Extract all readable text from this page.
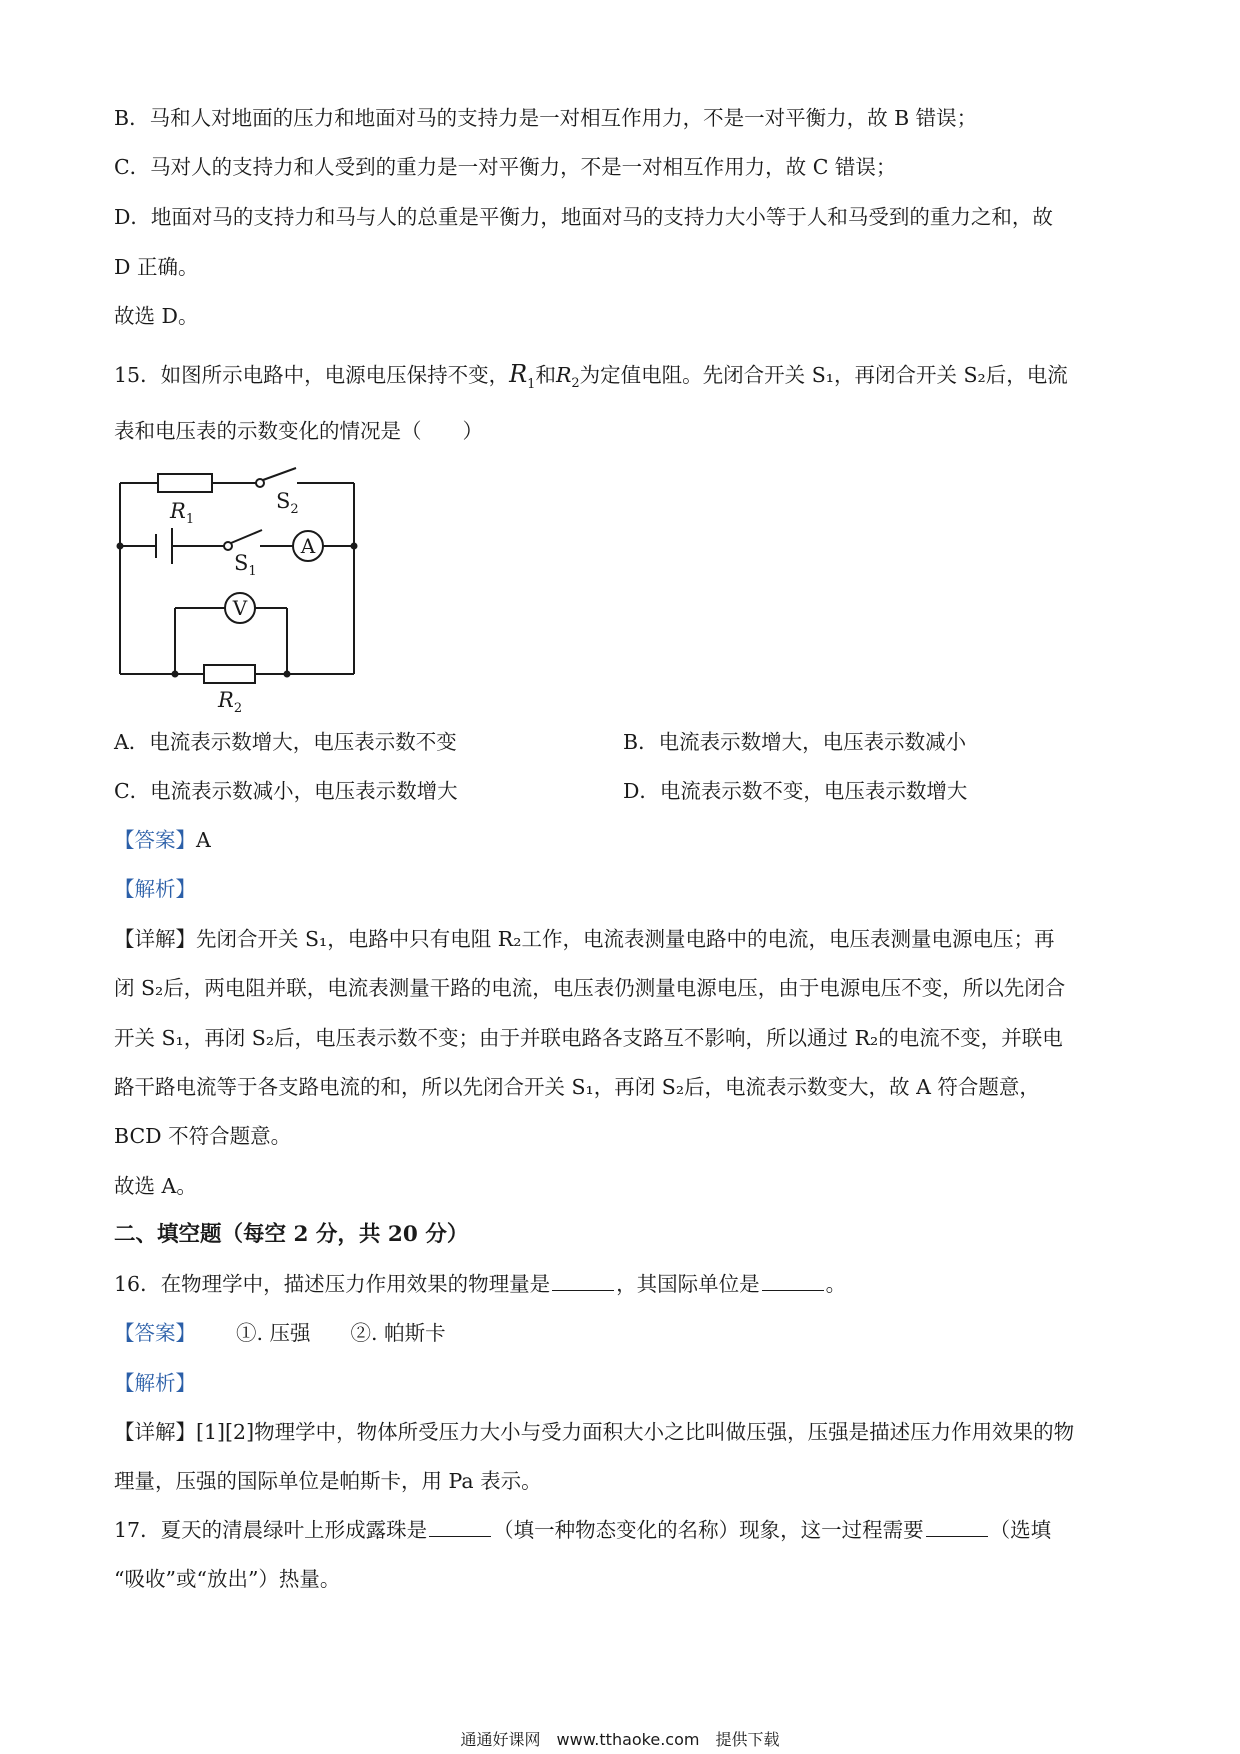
B．马和人对地面的压力和地面对马的支持力是一对相互作用力，不是一对平衡力，故 B 错误；
C．马对人的支持力和人受到的重力是一对平衡力，不是一对相互作用力，故 C 错误；
D．地面对马的支持力和马与人的总重是平衡力，地面对马的支持力大小等于人和马受到的重力之和，故
D 正确。
故选 D。
15．如图所示电路中，电源电压保持不变，$R_1$和$R_2$为定值电阻。先闭合开关 S₁，再闭合开关 S₂后，电流
表和电压表的示数变化的情况是（　　）
A
V
$R_1$
$S_2$
$S_1$
$R_2$
A．电流表示数增大，电压表示数不变	B．电流表示数增大，电压表示数减小
C．电流表示数减小，电压表示数增大	D．电流表示数不变，电压表示数增大
【答案】A
【解析】
【详解】先闭合开关 S₁，电路中只有电阻 R₂工作，电流表测量电路中的电流，电压表测量电源电压；再
闭 S₂后，两电阻并联，电流表测量干路的电流，电压表仍测量电源电压，由于电源电压不变，所以先闭合
开关 S₁，再闭 S₂后，电压表示数不变；由于并联电路各支路互不影响，所以通过 R₂的电流不变，并联电
路干路电流等于各支路电流的和，所以先闭合开关 S₁，再闭 S₂后，电流表示数变大，故 A 符合题意，
BCD 不符合题意。
故选 A。
二、填空题（每空 2 分，共 20 分）
16．在物理学中，描述压力作用效果的物理量是	，其国际单位是	。
【答案】 ①. 压强 ②. 帕斯卡
【解析】
【详解】[1][2]物理学中，物体所受压力大小与受力面积大小之比叫做压强，压强是描述压力作用效果的物
理量，压强的国际单位是帕斯卡，用 Pa 表示。
17．夏天的清晨绿叶上形成露珠是	（填一种物态变化的名称）现象，这一过程需要	（选填
“吸收”或“放出”）热量。
通通好课网　www.tthaoke.com　提供下载
